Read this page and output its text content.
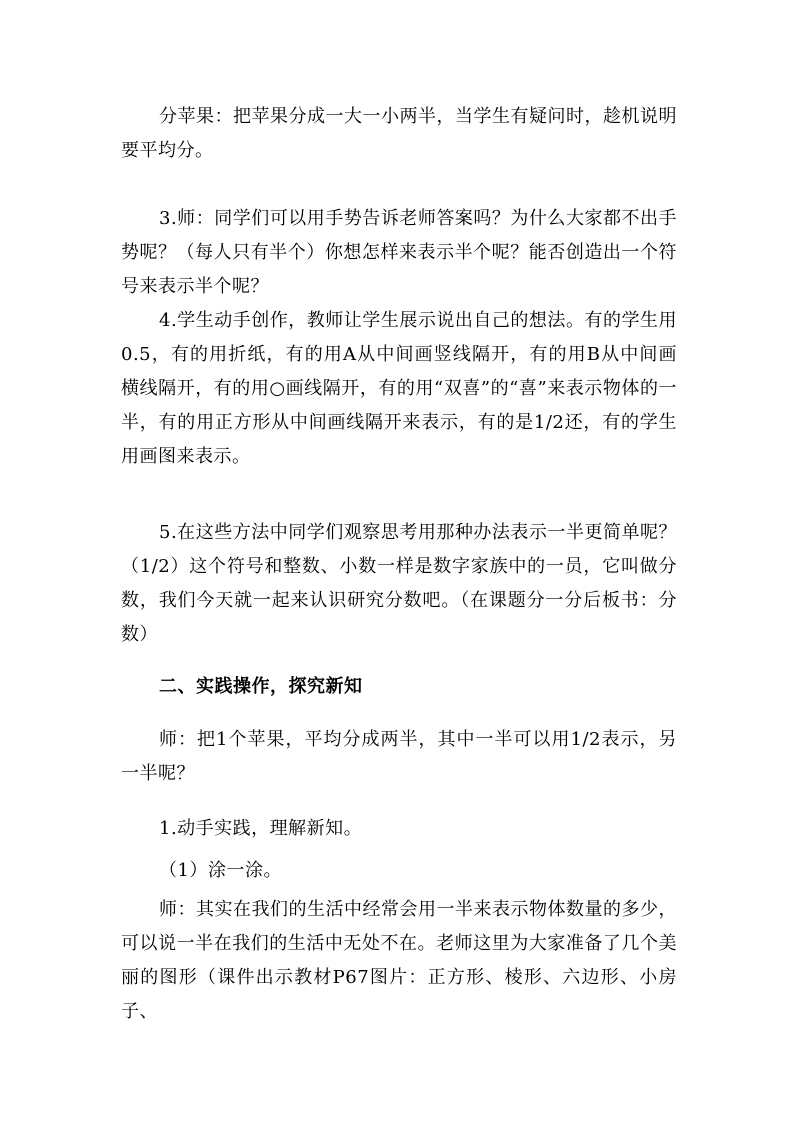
分苹果：把苹果分成一大一小两半，当学生有疑问时，趁机说明要平均分。

3.师：同学们可以用手势告诉老师答案吗？为什么大家都不出手势呢？（每人只有半个）你想怎样来表示半个呢？能否创造出一个符号来表示半个呢？

4.学生动手创作，教师让学生展示说出自己的想法。有的学生用0.5，有的用折纸，有的用A从中间画竖线隔开，有的用B从中间画横线隔开，有的用○画线隔开，有的用“双喜”的“喜”来表示物体的一半，有的用正方形从中间画线隔开来表示，有的是1/2还，有的学生用画图来表示。

5.在这些方法中同学们观察思考用那种办法表示一半更简单呢？（1/2）这个符号和整数、小数一样是数字家族中的一员，它叫做分数，我们今天就一起来认识研究分数吧。（在课题分一分后板书：分数）

二、实践操作，探究新知

师：把1个苹果，平均分成两半，其中一半可以用1/2表示，另一半呢？

1.动手实践，理解新知。

（1）涂一涂。

师：其实在我们的生活中经常会用一半来表示物体数量的多少，可以说一半在我们的生活中无处不在。老师这里为大家准备了几个美丽的图形（课件出示教材P67图片：正方形、棱形、六边形、小房子、
